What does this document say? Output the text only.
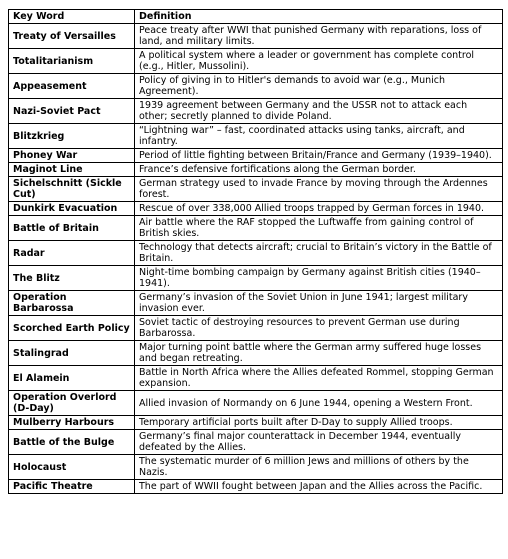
Key Word	Definition
Treaty of Versailles	Peace treaty after WWI that punished Germany with reparations, loss of land, and military limits.
Totalitarianism	A political system where a leader or government has complete control (e.g., Hitler, Mussolini).
Appeasement	Policy of giving in to Hitler's demands to avoid war (e.g., Munich Agreement).
Nazi-Soviet Pact	1939 agreement between Germany and the USSR not to attack each other; secretly planned to divide Poland.
Blitzkrieg	“Lightning war” – fast, coordinated attacks using tanks, aircraft, and infantry.
Phoney War	Period of little fighting between Britain/France and Germany (1939–1940).
Maginot Line	France’s defensive fortifications along the German border.
Sichelschnitt (Sickle Cut)	German strategy used to invade France by moving through the Ardennes forest.
Dunkirk Evacuation	Rescue of over 338,000 Allied troops trapped by German forces in 1940.
Battle of Britain	Air battle where the RAF stopped the Luftwaffe from gaining control of British skies.
Radar	Technology that detects aircraft; crucial to Britain’s victory in the Battle of Britain.
The Blitz	Night-time bombing campaign by Germany against British cities (1940–1941).
Operation Barbarossa	Germany’s invasion of the Soviet Union in June 1941; largest military invasion ever.
Scorched Earth Policy	Soviet tactic of destroying resources to prevent German use during Barbarossa.
Stalingrad	Major turning point battle where the German army suffered huge losses and began retreating.
El Alamein	Battle in North Africa where the Allies defeated Rommel, stopping German expansion.
Operation Overlord (D-Day)	Allied invasion of Normandy on 6 June 1944, opening a Western Front.
Mulberry Harbours	Temporary artificial ports built after D-Day to supply Allied troops.
Battle of the Bulge	Germany’s final major counterattack in December 1944, eventually defeated by the Allies.
Holocaust	The systematic murder of 6 million Jews and millions of others by the Nazis.
Pacific Theatre	The part of WWII fought between Japan and the Allies across the Pacific.
